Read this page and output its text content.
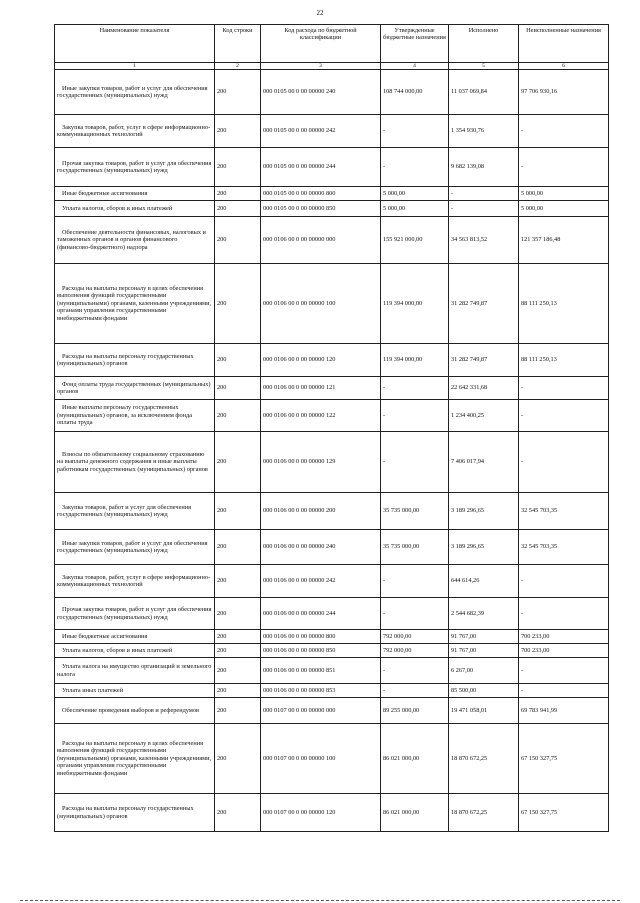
22
Наименование показателя	Код строки	Код расхода по бюджетной классификации	Утвержденные бюджетные назначения	Исполнено	Неисполненные назначения
1	2	3	4	5	6

Иные закупки товаров, работ и услуг для обеспечения государственных (муниципальных) нужд	200	000 0105 00 0 00 00000 240	108 744 000,00	11 037 069,84	97 706 930,16

Закупка товаров, работ, услуг в сфере информационно-коммуникационных технологий	200	000 0105 00 0 00 00000 242	-	1 354 930,76	-

Прочая закупка товаров, работ и услуг для обеспечения государственных (муниципальных) нужд	200	000 0105 00 0 00 00000 244	-	9 682 139,08	-

Иные бюджетные ассигнования	200	000 0105 00 0 00 00000 800	5 000,00	-	5 000,00

Уплата налогов, сборов и иных платежей	200	000 0105 00 0 00 00000 850	5 000,00	-	5 000,00

Обеспечение деятельности финансовых, налоговых и таможенных органов и органов финансового (финансово-бюджетного) надзора	200	000 0106 00 0 00 00000 000	155 921 000,00	34 563 813,52	121 357 186,48

Расходы на выплаты персоналу в целях обеспечения выполнения функций государственными (муниципальными) органами, казенными учреждениями, органами управления государственными внебюджетными фондами	200	000 0106 00 0 00 00000 100	119 394 000,00	31 282 749,87	88 111 250,13

Расходы на выплаты персоналу государственных (муниципальных) органов	200	000 0106 00 0 00 00000 120	119 394 000,00	31 282 749,87	88 111 250,13

Фонд оплаты труда государственных (муниципальных) органов	200	000 0106 00 0 00 00000 121	-	22 642 331,68	-

Иные выплаты персоналу государственных (муниципальных) органов, за исключением фонда оплаты труда	200	000 0106 00 0 00 00000 122	-	1 234 400,25	-

Взносы по обязательному социальному страхованию на выплаты денежного содержания и иные выплаты работникам государственных (муниципальных) органов	200	000 0106 00 0 00 00000 129	-	7 406 017,94	-

Закупка товаров, работ и услуг для обеспечения государственных (муниципальных) нужд	200	000 0106 00 0 00 00000 200	35 735 000,00	3 189 296,65	32 545 703,35

Иные закупки товаров, работ и услуг для обеспечения государственных (муниципальных) нужд	200	000 0106 00 0 00 00000 240	35 735 000,00	3 189 296,65	32 545 703,35

Закупка товаров, работ, услуг в сфере информационно-коммуникационных технологий	200	000 0106 00 0 00 00000 242	-	644 614,26	-

Прочая закупка товаров, работ и услуг для обеспечения государственных (муниципальных) нужд	200	000 0106 00 0 00 00000 244	-	2 544 682,39	-

Иные бюджетные ассигнования	200	000 0106 00 0 00 00000 800	792 000,00	91 767,00	700 233,00

Уплата налогов, сборов и иных платежей	200	000 0106 00 0 00 00000 850	792 000,00	91 767,00	700 233,00

Уплата налога на имущество организаций и земельного налога	200	000 0106 00 0 00 00000 851	-	6 267,00	-

Уплата иных платежей	200	000 0106 00 0 00 00000 853	-	85 500,00	-

Обеспечение проведения выборов и референдумов	200	000 0107 00 0 00 00000 000	89 255 000,00	19 471 058,01	69 783 941,99

Расходы на выплаты персоналу в целях обеспечения выполнения функций государственными (муниципальными) органами, казенными учреждениями, органами управления государственными внебюджетными фондами	200	000 0107 00 0 00 00000 100	86 021 000,00	18 870 672,25	67 150 327,75

Расходы на выплаты персоналу государственных (муниципальных) органов	200	000 0107 00 0 00 00000 120	86 021 000,00	18 870 672,25	67 150 327,75
